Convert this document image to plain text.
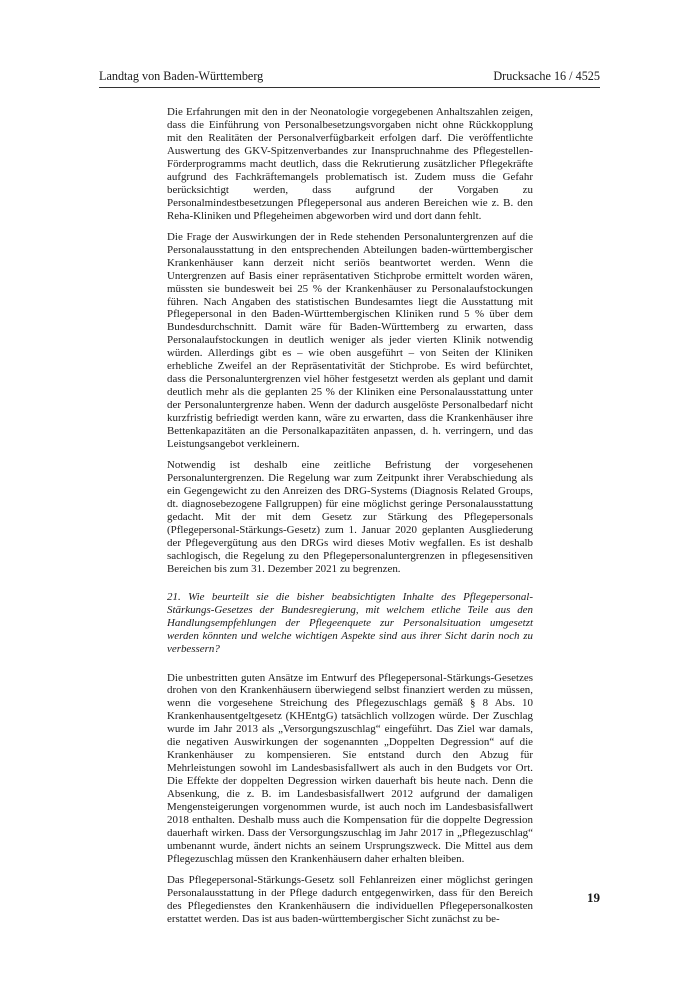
Landtag von Baden-Württemberg	Drucksache 16 / 4525

Die Erfahrungen mit den in der Neonatologie vorgegebenen Anhaltszahlen zeigen, dass die Einführung von Personalbesetzungsvorgaben nicht ohne Rückkopplung mit den Realitäten der Personalverfügbarkeit erfolgen darf. Die veröffentlichte Auswertung des GKV-Spitzenverbandes zur Inanspruchnahme des Pflegestellen-Förderprogramms macht deutlich, dass die Rekrutierung zusätzlicher Pflegekräfte aufgrund des Fachkräftemangels problematisch ist. Zudem muss die Gefahr berücksichtigt werden, dass aufgrund der Vorgaben zu Personalmindestbesetzungen Pflegepersonal aus anderen Bereichen wie z. B. den Reha-Kliniken und Pflegeheimen abgeworben wird und dort dann fehlt.

Die Frage der Auswirkungen der in Rede stehenden Personaluntergrenzen auf die Personalausstattung in den entsprechenden Abteilungen baden-württembergischer Krankenhäuser kann derzeit nicht seriös beantwortet werden. Wenn die Untergrenzen auf Basis einer repräsentativen Stichprobe ermittelt worden wären, müssten sie bundesweit bei 25 % der Krankenhäuser zu Personalaufstockungen führen. Nach Angaben des statistischen Bundesamtes liegt die Ausstattung mit Pflegepersonal in den Baden-Württembergischen Kliniken rund 5 % über dem Bundesdurchschnitt. Damit wäre für Baden-Württemberg zu erwarten, dass Personalaufstockungen in deutlich weniger als jeder vierten Klinik notwendig würden. Allerdings gibt es – wie oben ausgeführt – von Seiten der Kliniken erhebliche Zweifel an der Repräsentativität der Stichprobe. Es wird befürchtet, dass die Personaluntergrenzen viel höher festgesetzt werden als geplant und damit deutlich mehr als die geplanten 25 % der Kliniken eine Personalausstattung unter der Personaluntergrenze haben. Wenn der dadurch ausgelöste Personalbedarf nicht kurzfristig befriedigt werden kann, wäre zu erwarten, dass die Krankenhäuser ihre Bettenkapazitäten an die Personalkapazitäten anpassen, d. h. verringern, und das Leistungsangebot verkleinern.

Notwendig ist deshalb eine zeitliche Befristung der vorgesehenen Personaluntergrenzen. Die Regelung war zum Zeitpunkt ihrer Verabschiedung als ein Gegengewicht zu den Anreizen des DRG-Systems (Diagnosis Related Groups, dt. diagnosebezogene Fallgruppen) für eine möglichst geringe Personalausstattung gedacht. Mit der mit dem Gesetz zur Stärkung des Pflegepersonals (Pflegepersonal-Stärkungs-Gesetz) zum 1. Januar 2020 geplanten Ausgliederung der Pflegevergütung aus den DRGs wird dieses Motiv wegfallen. Es ist deshalb sachlogisch, die Regelung zu den Pflegepersonaluntergrenzen in pflegesensitiven Bereichen bis zum 31. Dezember 2021 zu begrenzen.

21. Wie beurteilt sie die bisher beabsichtigten Inhalte des Pflegepersonal-Stärkungs-Gesetzes der Bundesregierung, mit welchem etliche Teile aus den Handlungsempfehlungen der Pflegeenquete zur Personalsituation umgesetzt werden könnten und welche wichtigen Aspekte sind aus ihrer Sicht darin noch zu verbessern?

Die unbestritten guten Ansätze im Entwurf des Pflegepersonal-Stärkungs-Gesetzes drohen von den Krankenhäusern überwiegend selbst finanziert werden zu müssen, wenn die vorgesehene Streichung des Pflegezuschlags gemäß § 8 Abs. 10 Krankenhausentgeltgesetz (KHEntgG) tatsächlich vollzogen würde. Der Zuschlag wurde im Jahr 2013 als „Versorgungszuschlag“ eingeführt. Das Ziel war damals, die negativen Auswirkungen der sogenannten „Doppelten Degression“ auf die Krankenhäuser zu kompensieren. Sie entstand durch den Abzug für Mehrleistungen sowohl im Landesbasisfallwert als auch in den Budgets vor Ort. Die Effekte der doppelten Degression wirken dauerhaft bis heute nach. Denn die Absenkung, die z. B. im Landesbasisfallwert 2012 aufgrund der damaligen Mengensteigerungen vorgenommen wurde, ist auch noch im Landesbasisfallwert 2018 enthalten. Deshalb muss auch die Kompensation für die doppelte Degression dauerhaft wirken. Dass der Versorgungszuschlag im Jahr 2017 in „Pflegezuschlag“ umbenannt wurde, ändert nichts an seinem Ursprungszweck. Die Mittel aus dem Pflegezuschlag müssen den Krankenhäusern daher erhalten bleiben.

Das Pflegepersonal-Stärkungs-Gesetz soll Fehlanreizen einer möglichst geringen Personalausstattung in der Pflege dadurch entgegenwirken, dass für den Bereich des Pflegedienstes den Krankenhäusern die individuellen Pflegepersonalkosten erstattet werden. Das ist aus baden-württembergischer Sicht zunächst zu be-

19
